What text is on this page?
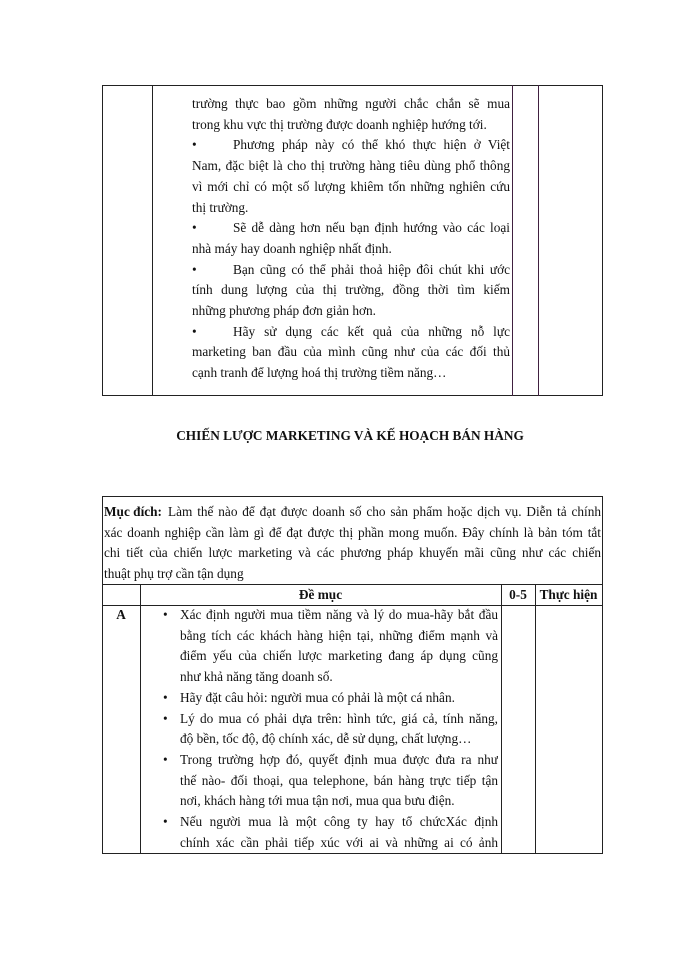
trường thực bao gồm những người chắc chắn sẽ mua
trong khu vực thị trường được doanh nghiệp hướng tới.
•	Phương pháp này có thể khó thực hiện ở Việt
Nam, đặc biệt là cho thị trường hàng tiêu dùng phổ thông
vì mới chỉ có một số lượng khiêm tốn những nghiên cứu
thị trường.
•	Sẽ dễ dàng hơn nếu bạn định hướng vào các loại
nhà máy hay doanh nghiệp nhất định.
•	Bạn cũng có thể phải thoả hiệp đôi chút khi ước
tính dung lượng của thị trường, đồng thời tìm kiếm
những phương pháp đơn giản hơn.
•	Hãy sử dụng các kết quả của những nỗ lực
marketing ban đầu của mình cũng như của các đối thủ
cạnh tranh để lượng hoá thị trường tiềm năng…
CHIẾN LƯỢC MARKETING VÀ KẾ HOẠCH BÁN HÀNG
Mục đích: Làm thế nào để đạt được doanh số cho sản phẩm hoặc dịch vụ. Diễn tả chính
xác doanh nghiệp cần làm gì để đạt được thị phần mong muốn. Đây chính là bản tóm tắt
chi tiết của chiến lược marketing và các phương pháp khuyến mãi cũng như các chiến
thuật phụ trợ cần tận dụng
Đề mục	0-5 Thực hiện
A	• Xác định người mua tiềm năng và lý do mua-hãy bắt đầu
bằng tích các khách hàng hiện tại, những điểm mạnh và
điểm yếu của chiến lược marketing đang áp dụng cũng
như khả năng tăng doanh số.
• Hãy đặt câu hỏi: người mua có phải là một cá nhân.
• Lý do mua có phải dựa trên: hình tức, giá cả, tính năng,
độ bền, tốc độ, độ chính xác, dễ sử dụng, chất lượng…
• Trong trường hợp đó, quyết định mua được đưa ra như
thế nào- đối thoại, qua telephone, bán hàng trực tiếp tận
nơi, khách hàng tới mua tận nơi, mua qua bưu điện.
• Nếu người mua là một công ty hay tổ chứcXác định
chính xác cần phải tiếp xúc với ai và những ai có ảnh
